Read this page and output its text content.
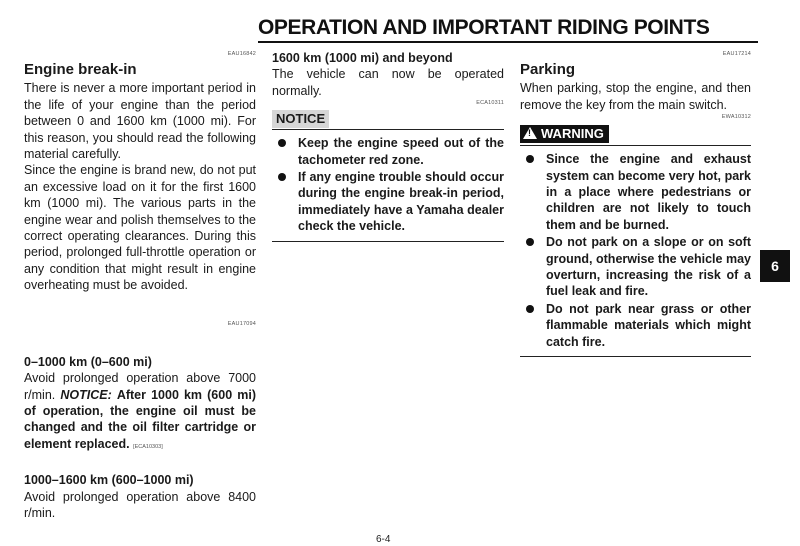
OPERATION AND IMPORTANT RIDING POINTS
EAU16842
Engine break-in

There is never a more important period in the life of your engine than the period between 0 and 1600 km (1000 mi). For this reason, you should read the following material carefully.

Since the engine is brand new, do not put an excessive load on it for the first 1600 km (1000 mi). The various parts in the engine wear and polish themselves to the correct operating clearances. During this period, prolonged full-throttle operation or any condition that might result in engine overheating must be avoided.

EAU17094
0–1000 km (0–600 mi)

Avoid prolonged operation above 7000 r/min. NOTICE: After 1000 km (600 mi) of operation, the engine oil must be changed and the oil filter cartridge or element replaced. [ECA10303]

1000–1600 km (600–1000 mi)

Avoid prolonged operation above 8400 r/min.

1600 km (1000 mi) and beyond

The vehicle can now be operated normally.

ECA10311
NOTICE
Keep the engine speed out of the tachometer red zone.
If any engine trouble should occur during the engine break-in period, immediately have a Yamaha dealer check the vehicle.
EAU17214
Parking

When parking, stop the engine, and then remove the key from the main switch.

EWA10312
!WARNING
Since the engine and exhaust system can become very hot, park in a place where pedestrians or children are not likely to touch them and be burned.
Do not park on a slope or on soft ground, otherwise the vehicle may overturn, increasing the risk of a fuel leak and fire.
Do not park near grass or other flammable materials which might catch fire.
6
6-4
